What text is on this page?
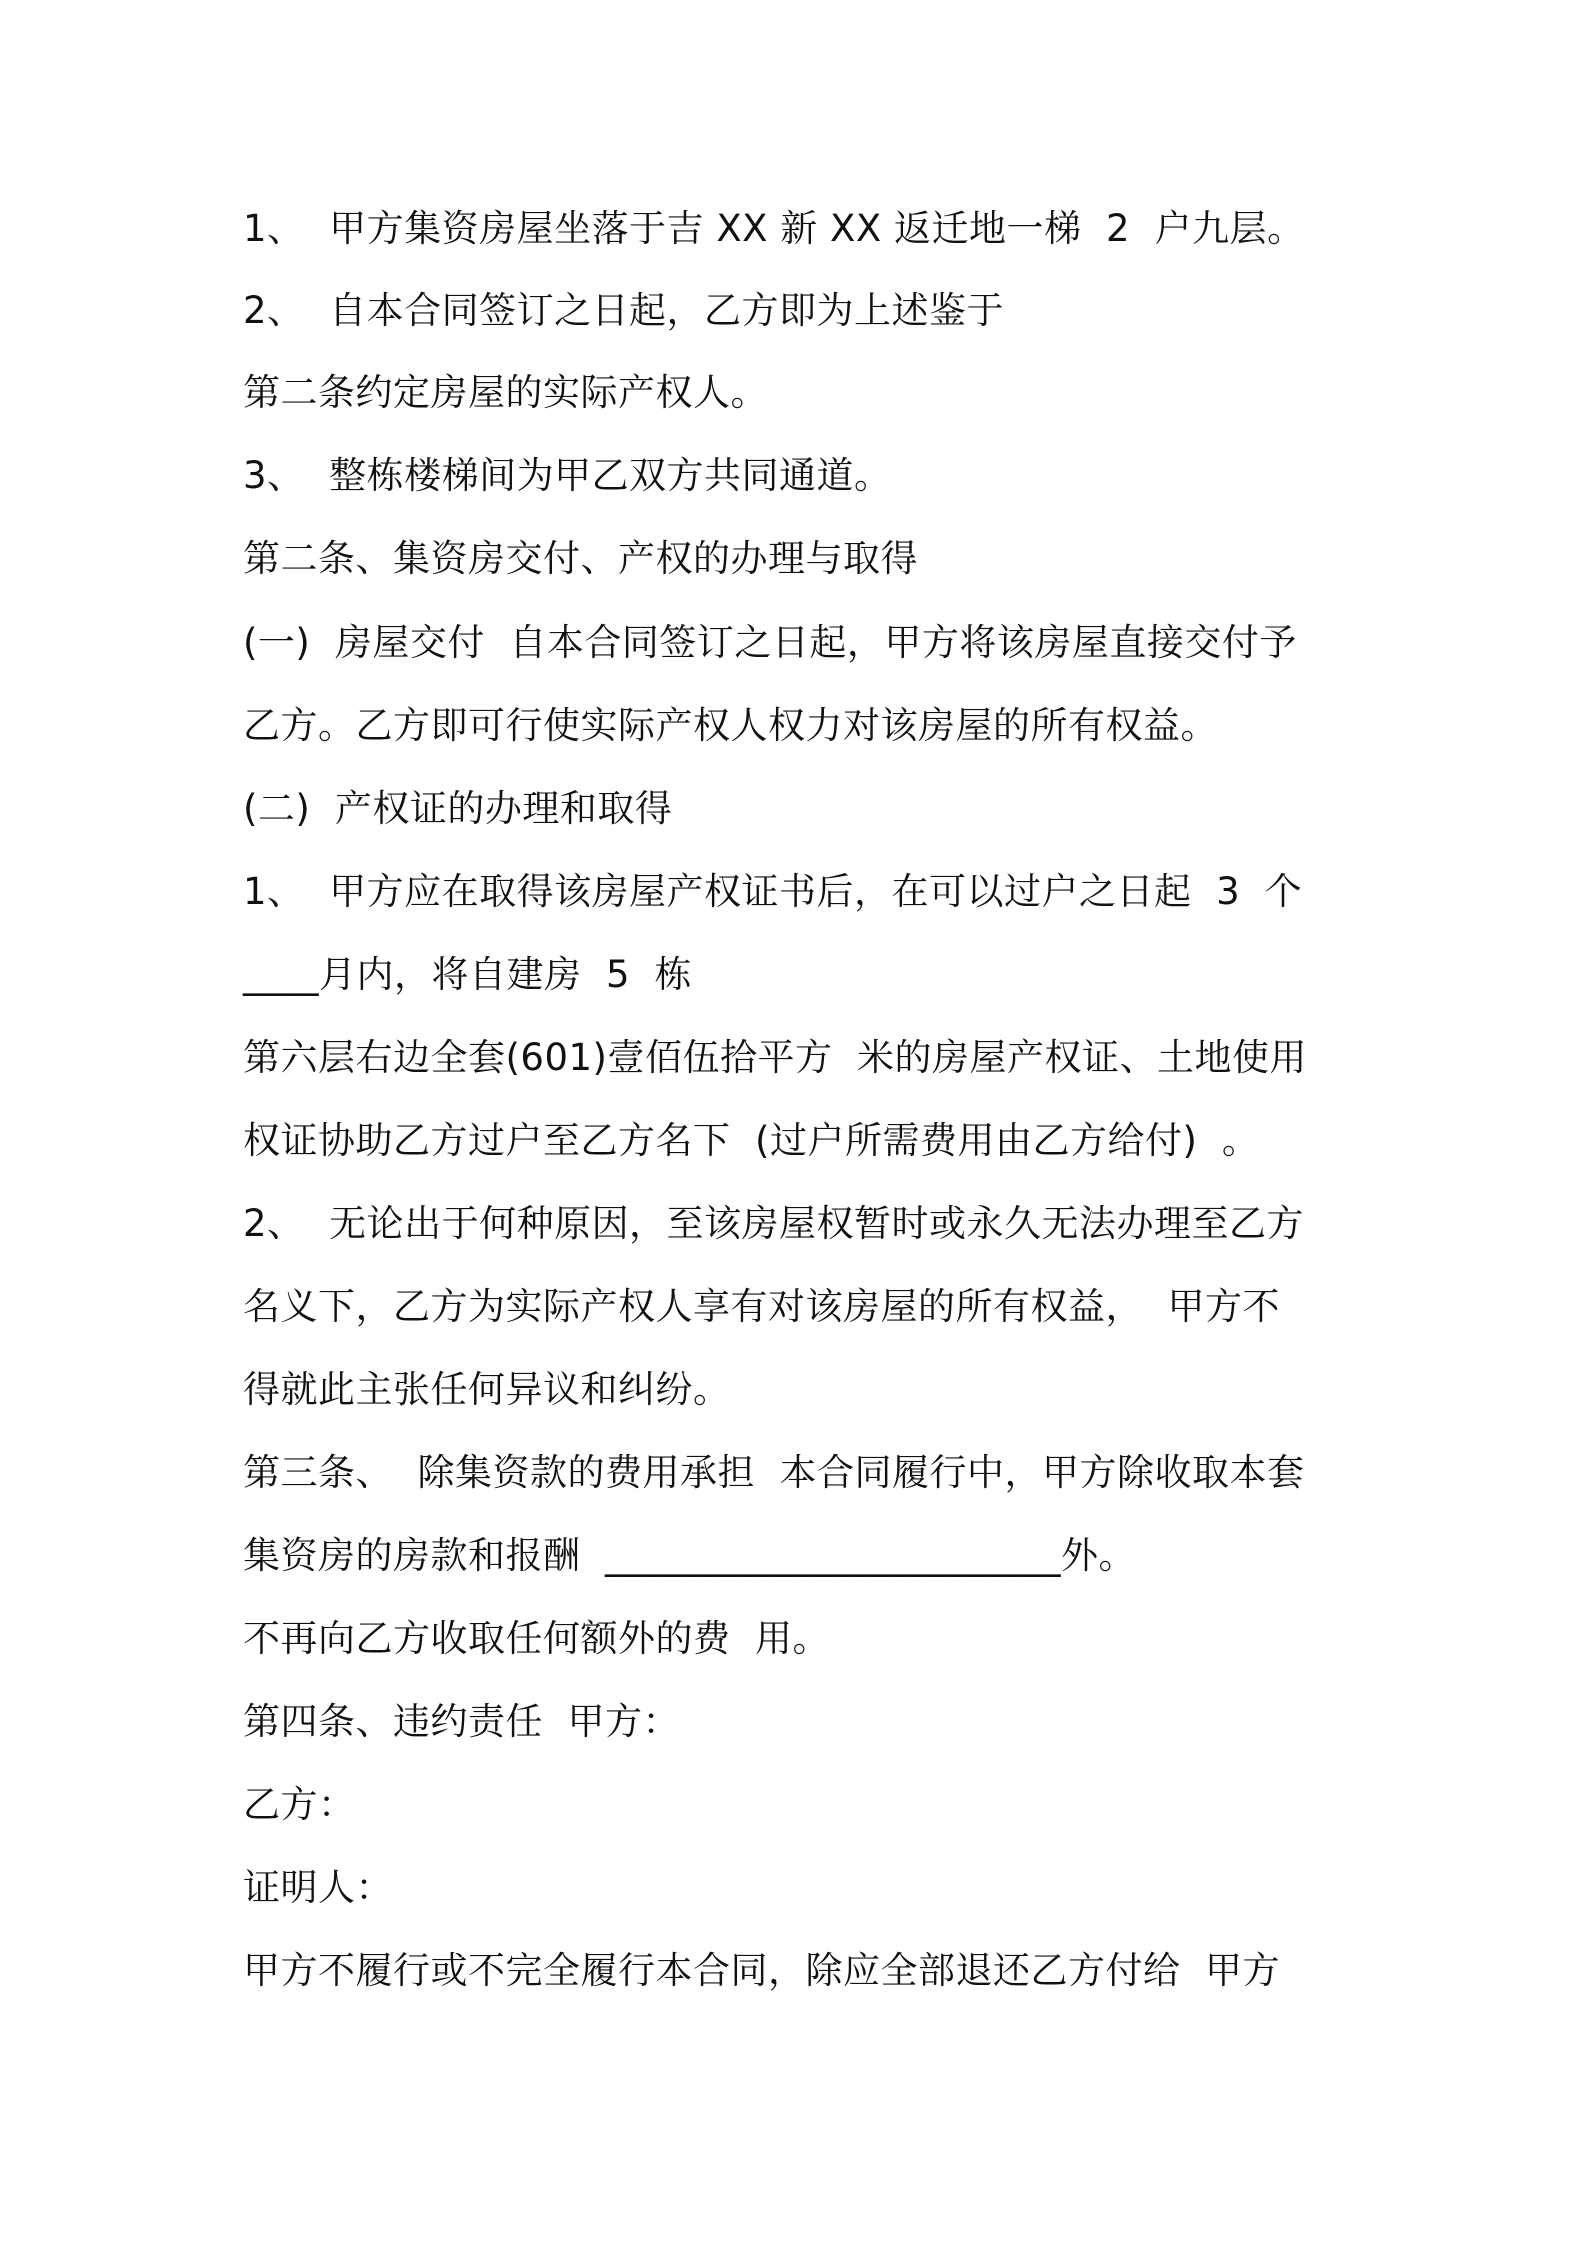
1、  甲方集资房屋坐落于吉 XX 新 XX 返迁地一梯  2  户九层。
2、  自本合同签订之日起，乙方即为上述鉴于
第二条约定房屋的实际产权人。
3、  整栋楼梯间为甲乙双方共同通道。
第二条、集资房交付、产权的办理与取得
(一)  房屋交付  自本合同签订之日起，甲方将该房屋直接交付予
乙方。乙方即可行使实际产权人权力对该房屋的所有权益。
(二)  产权证的办理和取得
1、  甲方应在取得该房屋产权证书后，在可以过户之日起  3  个
____月内，将自建房  5  栋
第六层右边全套(601)壹佰伍拾平方  米的房屋产权证、土地使用
权证协助乙方过户至乙方名下  (过户所需费用由乙方给付)  。
2、  无论出于何种原因，至该房屋权暂时或永久无法办理至乙方
名义下，乙方为实际产权人享有对该房屋的所有权益，  甲方不
得就此主张任何异议和纠纷。
第三条、  除集资款的费用承担  本合同履行中，甲方除收取本套
集资房的房款和报酬  ________________________外。
不再向乙方收取任何额外的费  用。
第四条、违约责任  甲方：
乙方：
证明人：
甲方不履行或不完全履行本合同，除应全部退还乙方付给  甲方
